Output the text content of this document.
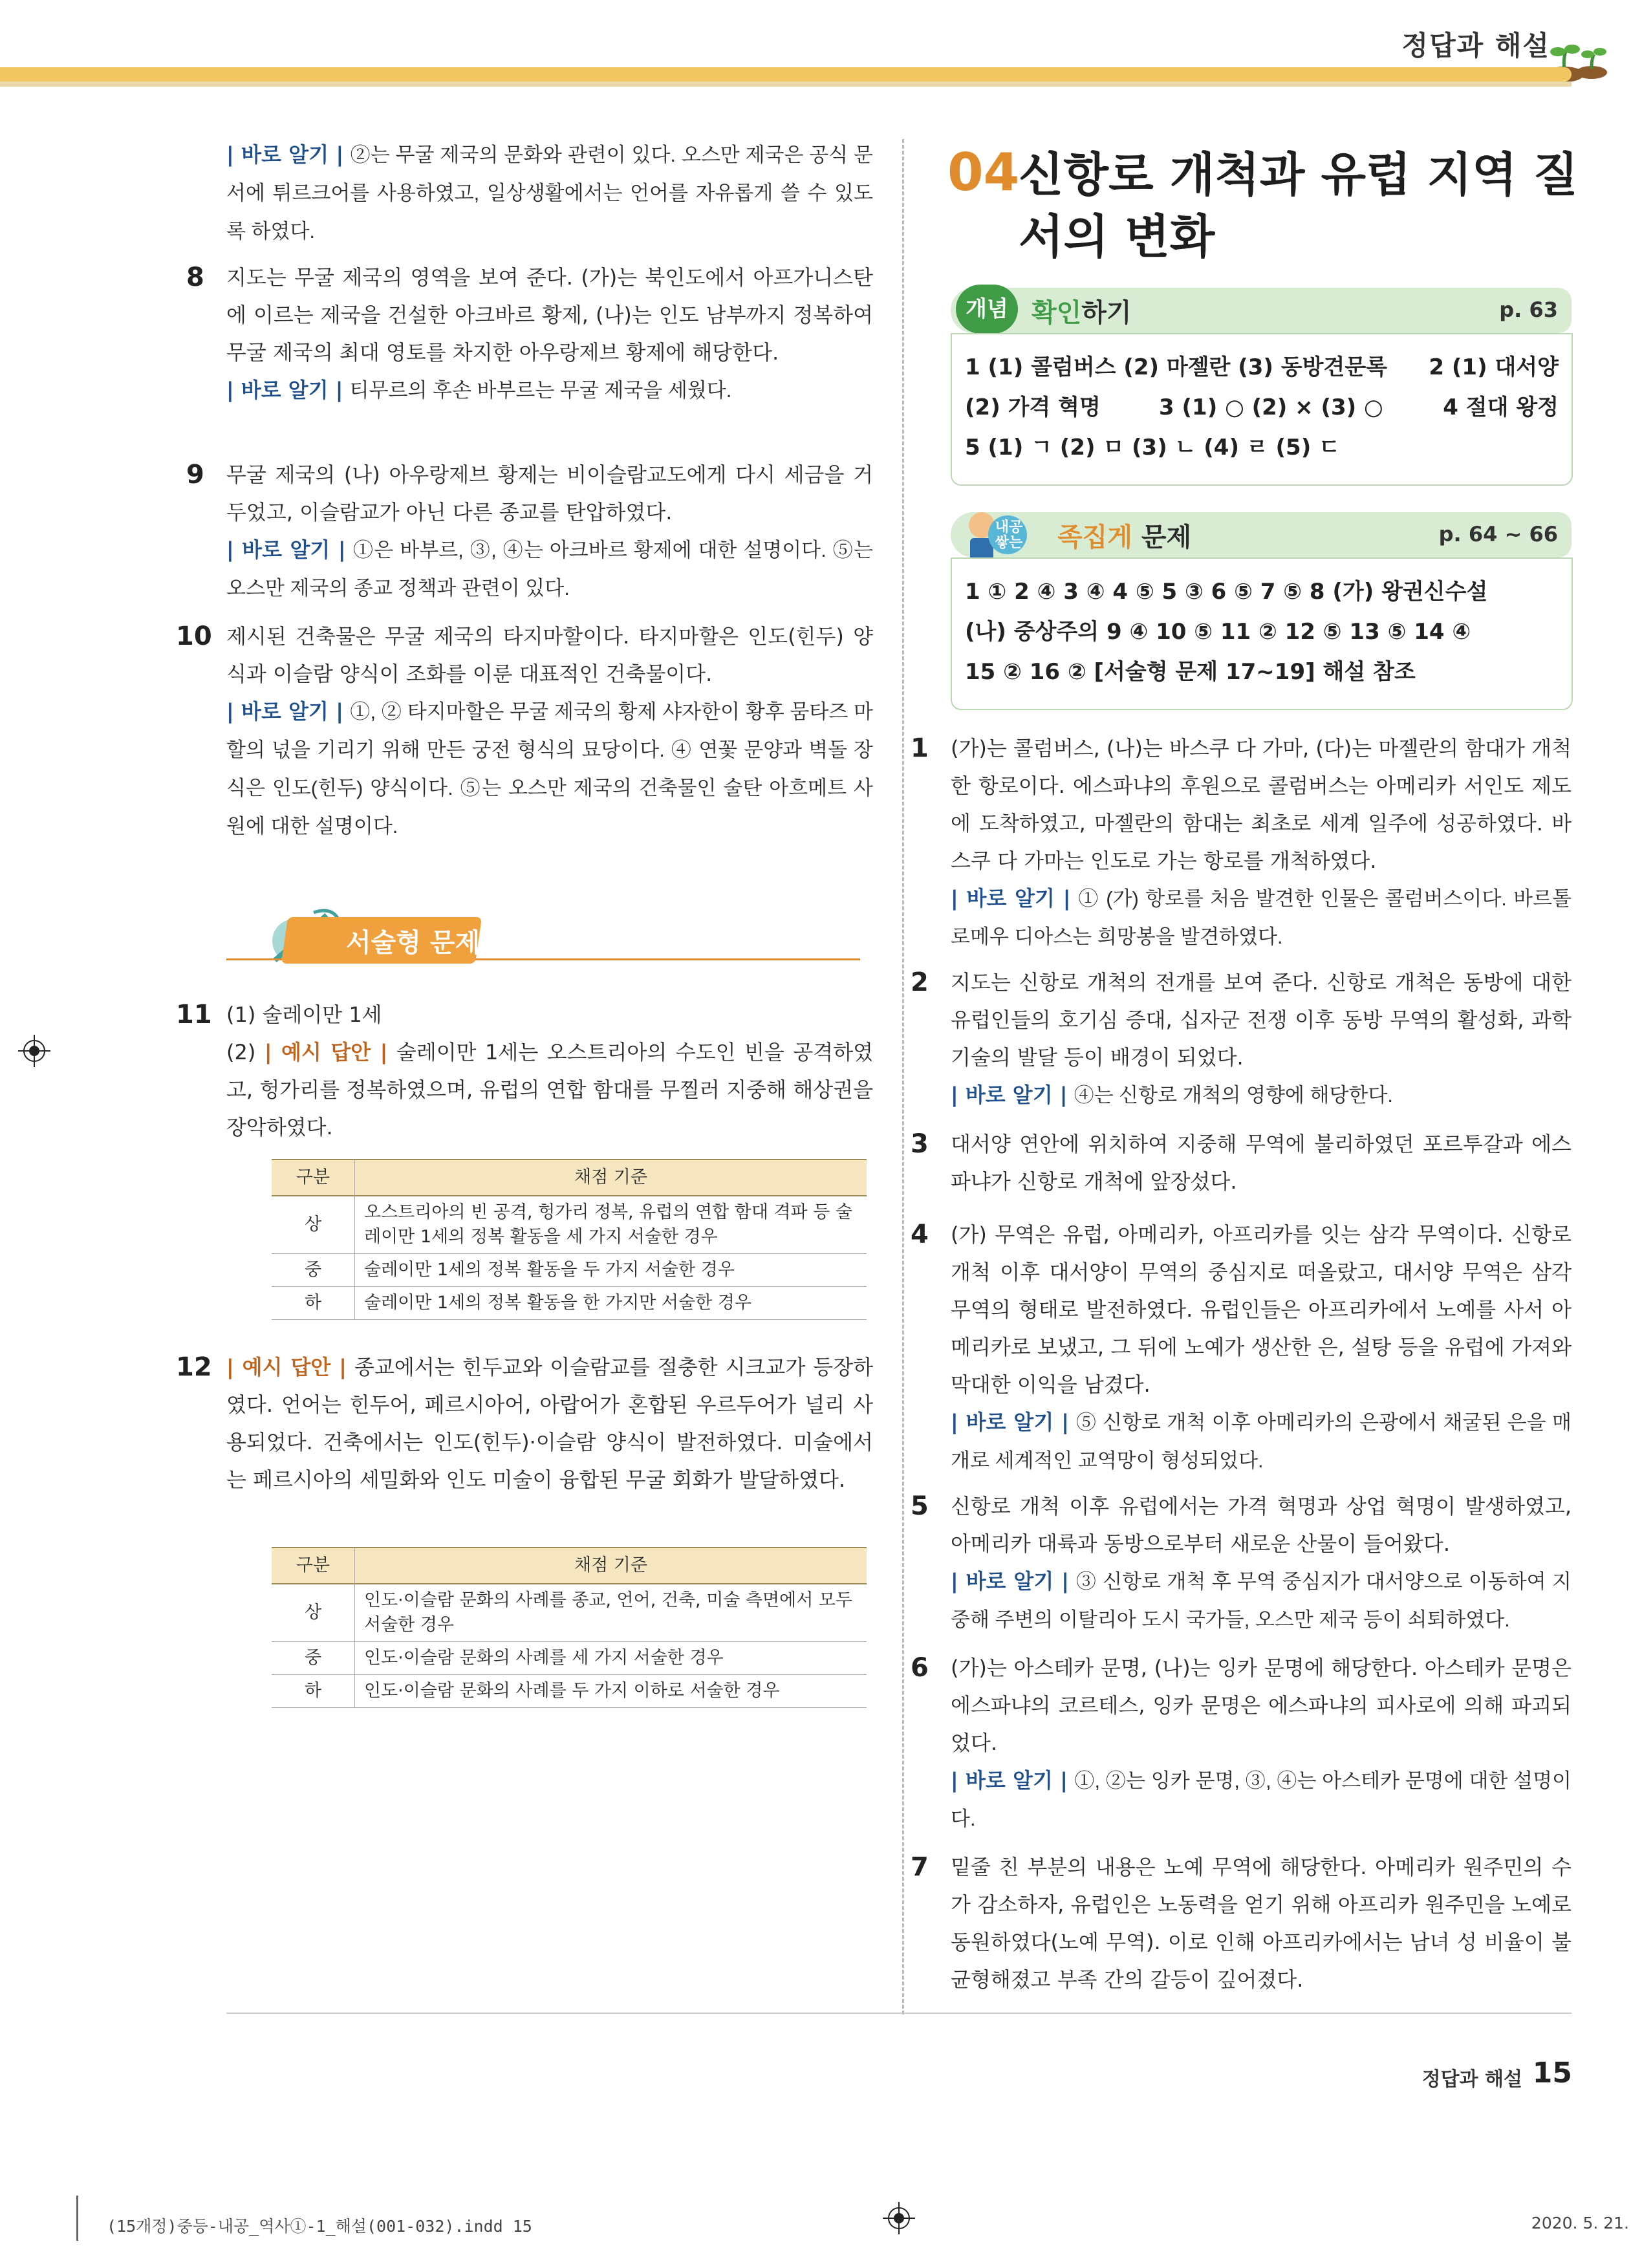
정답과 해설
| 바로 알기 | ②는 무굴 제국의 문화와 관련이 있다. 오스만 제국은 공식 문서에 튀르크어를 사용하였고, 일상생활에서는 언어를 자유롭게 쓸 수 있도록 하였다.
8 지도는 무굴 제국의 영역을 보여 준다. (가)는 북인도에서 아프가니스탄에 이르는 제국을 건설한 아크바르 황제, (나)는 인도 남부까지 정복하여 무굴 제국의 최대 영토를 차지한 아우랑제브 황제에 해당한다.
| 바로 알기 | 티무르의 후손 바부르는 무굴 제국을 세웠다.
9 무굴 제국의 (나) 아우랑제브 황제는 비이슬람교도에게 다시 세금을 거두었고, 이슬람교가 아닌 다른 종교를 탄압하였다.
| 바로 알기 | ①은 바부르, ③, ④는 아크바르 황제에 대한 설명이다. ⑤는 오스만 제국의 종교 정책과 관련이 있다.
10 제시된 건축물은 무굴 제국의 타지마할이다. 타지마할은 인도(힌두) 양식과 이슬람 양식이 조화를 이룬 대표적인 건축물이다.
| 바로 알기 | ①, ② 타지마할은 무굴 제국의 황제 샤자한이 황후 뭄타즈 마할의 넋을 기리기 위해 만든 궁전 형식의 묘당이다. ④ 연꽃 문양과 벽돌 장식은 인도(힌두) 양식이다. ⑤는 오스만 제국의 건축물인 술탄 아흐메트 사원에 대한 설명이다.
서술형 문제
11 (1) 술레이만 1세
(2) | 예시 답안 | 술레이만 1세는 오스트리아의 수도인 빈을 공격하였고, 헝가리를 정복하였으며, 유럽의 연합 함대를 무찔러 지중해 해상권을 장악하였다.
구분	채점 기준
상	오스트리아의 빈 공격, 헝가리 정복, 유럽의 연합 함대 격파 등 술레이만 1세의 정복 활동을 세 가지 서술한 경우
중	술레이만 1세의 정복 활동을 두 가지 서술한 경우
하	술레이만 1세의 정복 활동을 한 가지만 서술한 경우
12 | 예시 답안 | 종교에서는 힌두교와 이슬람교를 절충한 시크교가 등장하였다. 언어는 힌두어, 페르시아어, 아랍어가 혼합된 우르두어가 널리 사용되었다. 건축에서는 인도(힌두)·이슬람 양식이 발전하였다. 미술에서는 페르시아의 세밀화와 인도 미술이 융합된 무굴 회화가 발달하였다.
구분	채점 기준
상	인도·이슬람 문화의 사례를 종교, 언어, 건축, 미술 측면에서 모두 서술한 경우
중	인도·이슬람 문화의 사례를 세 가지 서술한 경우
하	인도·이슬람 문화의 사례를 두 가지 이하로 서술한 경우
04
신항로 개척과 유럽 지역 질서의 변화
개념 확인하기	p. 63
1 (1) 콜럼버스 (2) 마젤란 (3) 동방견문록 2 (1) 대서양
(2) 가격 혁명	3 (1) ○ (2) × (3) ○	4 절대 왕정
5 (1) ㄱ (2) ㅁ (3) ㄴ (4) ㄹ (5) ㄷ
내공 쌓는 족집게 문제	p. 64 ~ 66
1 ① 2 ④ 3 ④ 4 ⑤ 5 ③ 6 ⑤ 7 ⑤ 8 (가) 왕권신수설
(나) 중상주의 9 ④ 10 ⑤ 11 ② 12 ⑤ 13 ⑤ 14 ④
15 ② 16 ② [서술형 문제 17~19] 해설 참조
1 (가)는 콜럼버스, (나)는 바스쿠 다 가마, (다)는 마젤란의 함대가 개척한 항로이다. 에스파냐의 후원으로 콜럼버스는 아메리카 서인도 제도에 도착하였고, 마젤란의 함대는 최초로 세계 일주에 성공하였다. 바스쿠 다 가마는 인도로 가는 항로를 개척하였다.
| 바로 알기 | ① (가) 항로를 처음 발견한 인물은 콜럼버스이다. 바르톨로메우 디아스는 희망봉을 발견하였다.
2 지도는 신항로 개척의 전개를 보여 준다. 신항로 개척은 동방에 대한 유럽인들의 호기심 증대, 십자군 전쟁 이후 동방 무역의 활성화, 과학 기술의 발달 등이 배경이 되었다.
| 바로 알기 | ④는 신항로 개척의 영향에 해당한다.
3 대서양 연안에 위치하여 지중해 무역에 불리하였던 포르투갈과 에스파냐가 신항로 개척에 앞장섰다.
4 (가) 무역은 유럽, 아메리카, 아프리카를 잇는 삼각 무역이다. 신항로 개척 이후 대서양이 무역의 중심지로 떠올랐고, 대서양 무역은 삼각 무역의 형태로 발전하였다. 유럽인들은 아프리카에서 노예를 사서 아메리카로 보냈고, 그 뒤에 노예가 생산한 은, 설탕 등을 유럽에 가져와 막대한 이익을 남겼다.
| 바로 알기 | ⑤ 신항로 개척 이후 아메리카의 은광에서 채굴된 은을 매개로 세계적인 교역망이 형성되었다.
5 신항로 개척 이후 유럽에서는 가격 혁명과 상업 혁명이 발생하였고, 아메리카 대륙과 동방으로부터 새로운 산물이 들어왔다.
| 바로 알기 | ③ 신항로 개척 후 무역 중심지가 대서양으로 이동하여 지중해 주변의 이탈리아 도시 국가들, 오스만 제국 등이 쇠퇴하였다.
6 (가)는 아스테카 문명, (나)는 잉카 문명에 해당한다. 아스테카 문명은 에스파냐의 코르테스, 잉카 문명은 에스파냐의 피사로에 의해 파괴되었다.
| 바로 알기 | ①, ②는 잉카 문명, ③, ④는 아스테카 문명에 대한 설명이다.
7 밑줄 친 부분의 내용은 노예 무역에 해당한다. 아메리카 원주민의 수가 감소하자, 유럽인은 노동력을 얻기 위해 아프리카 원주민을 노예로 동원하였다(노예 무역). 이로 인해 아프리카에서는 남녀 성 비율이 불균형해졌고 부족 간의 갈등이 깊어졌다.
정답과 해설 15
(15개정)중등-내공_역사①-1_해설(001-032).indd 15	2020. 5. 21.
